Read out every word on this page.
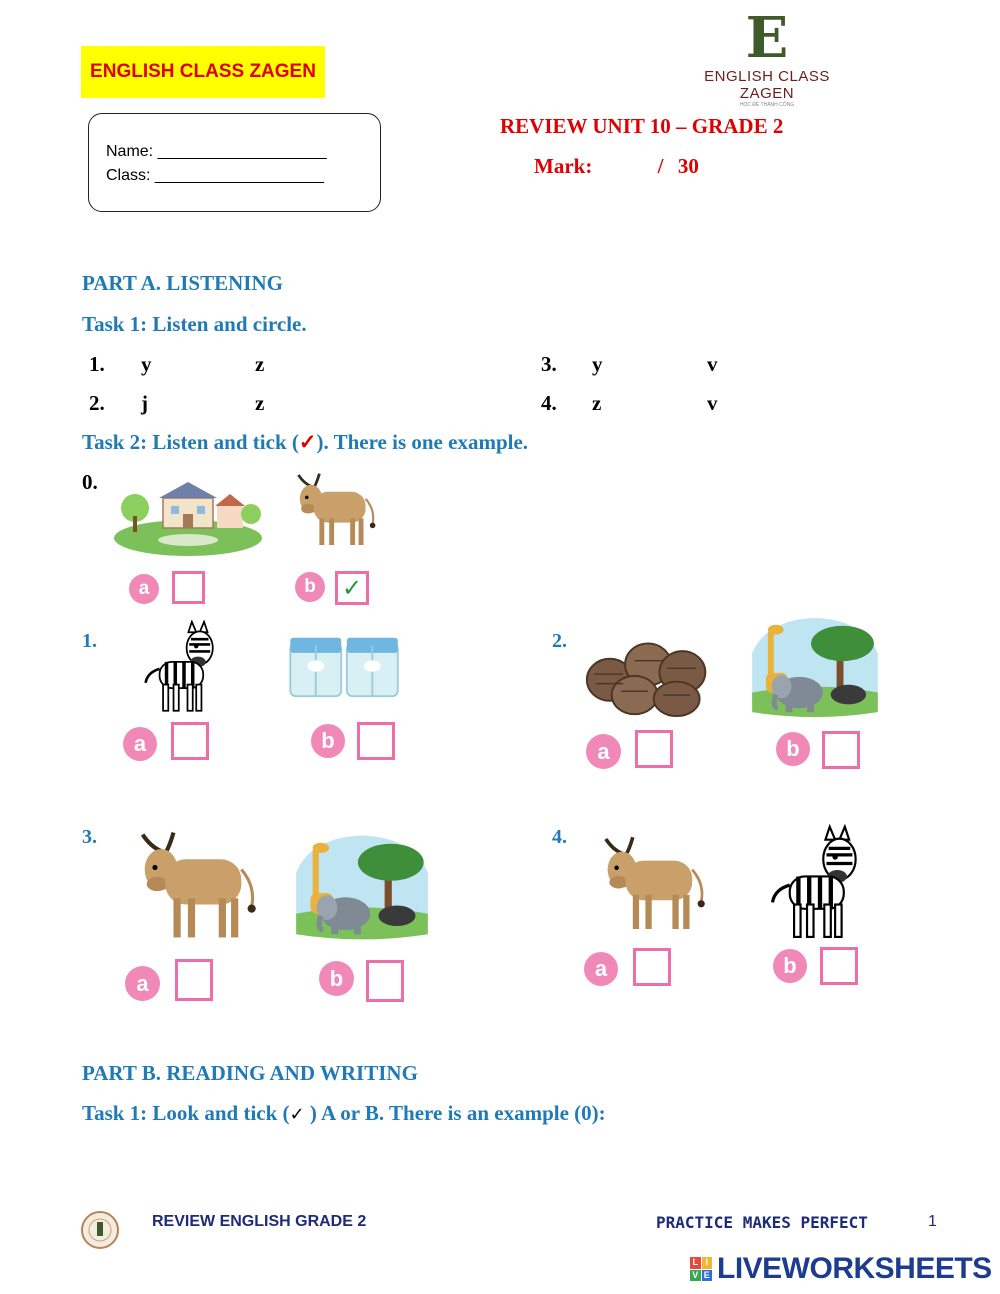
ENGLISH CLASS ZAGEN
E
ENGLISH CLASS ZAGEN
HỌC ĐỂ THÀNH CÔNG
Name: ___________________
Class: ___________________
REVIEW UNIT 10 – GRADE 2
Mark:         /  30
PART A. LISTENING
Task 1: Listen and circle.
1. y	z
2. j	z
3. y	v
4. z	v
Task 2: Listen and tick (✓). There is one example.
0.
a	b	✓
1.
a	b
2.
a	b
3.
a	b
4.
a	b
PART B. READING AND WRITING
Task 1: Look and tick (✓ ) A or B. There is an example (0):
REVIEW ENGLISH GRADE 2	PRACTICE MAKES PERFECT	1
L I
V E LIVEWORKSHEETS
